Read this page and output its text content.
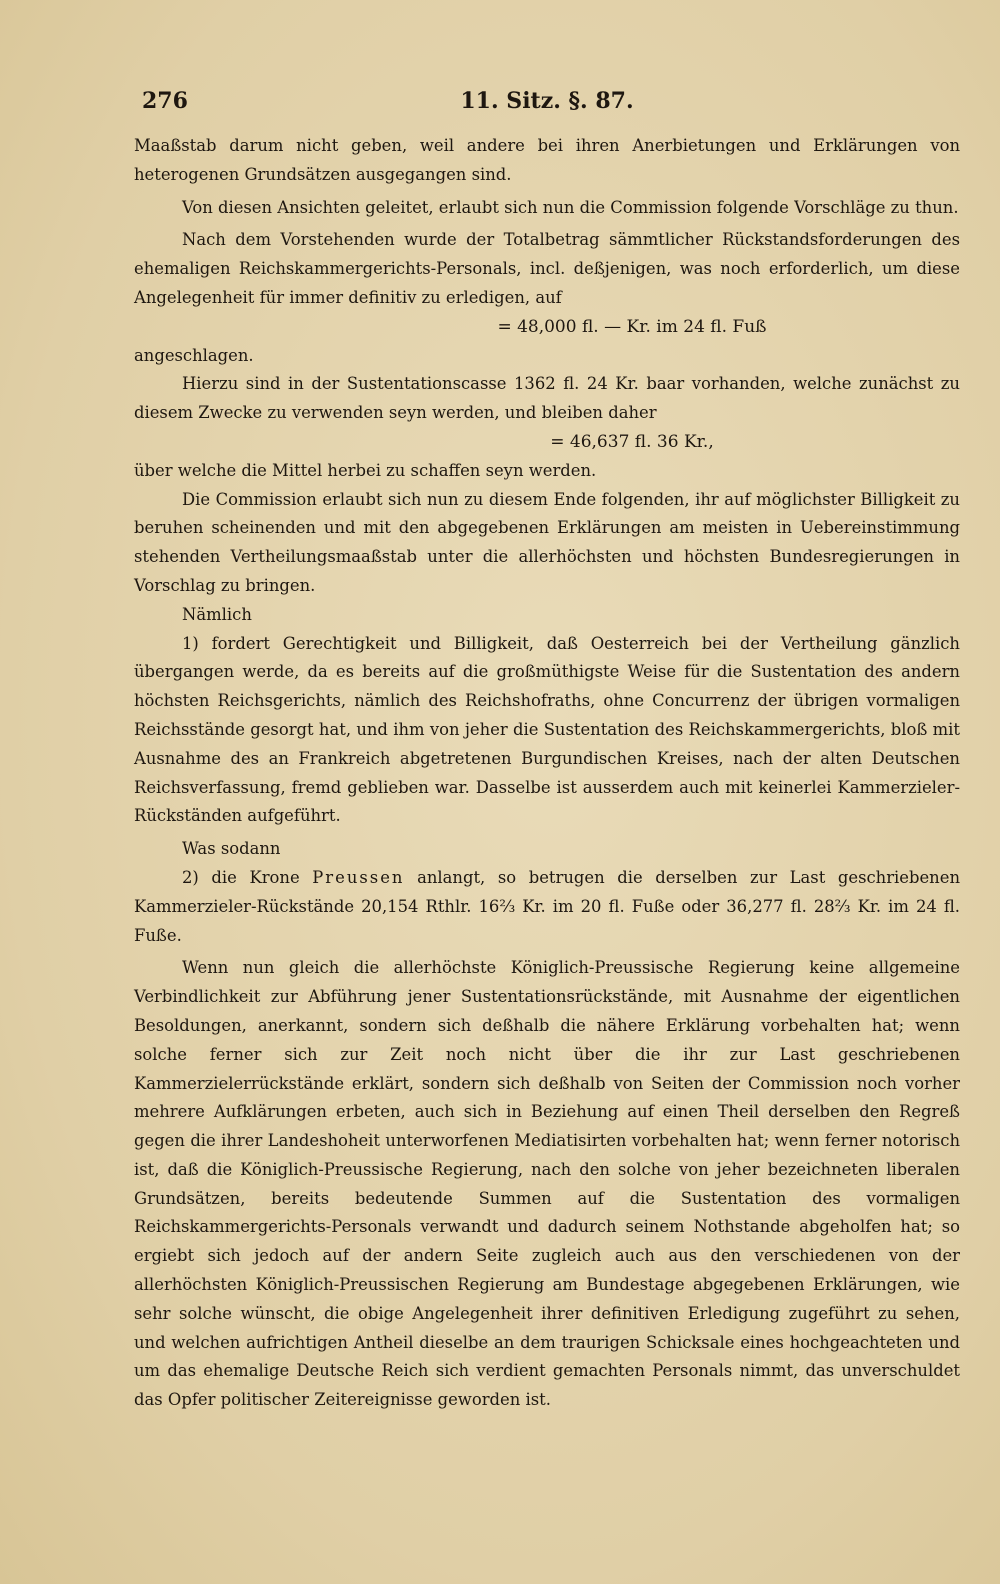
276	11. Sitz. §. 87.

Maaßstab darum nicht geben, weil andere bei ihren Anerbietungen und Erklärungen von heterogenen Grundsätzen ausgegangen sind.

Von diesen Ansichten geleitet, erlaubt sich nun die Commission folgende Vorschläge zu thun.

Nach dem Vorstehenden wurde der Totalbetrag sämmtlicher Rückstandsforderungen des ehemaligen Reichskammergerichts-Personals, incl. deßjenigen, was noch erforderlich, um diese Angelegenheit für immer definitiv zu erledigen, auf

= 48,000 fl. — Kr. im 24 fl. Fuß

angeschlagen.

Hierzu sind in der Sustentationscasse 1362 fl. 24 Kr. baar vorhanden, welche zunächst zu diesem Zwecke zu verwenden seyn werden, und bleiben daher

= 46,637 fl. 36 Kr.,

über welche die Mittel herbei zu schaffen seyn werden.

Die Commission erlaubt sich nun zu diesem Ende folgenden, ihr auf möglichster Billigkeit zu beruhen scheinenden und mit den abgegebenen Erklärungen am meisten in Uebereinstimmung stehenden Vertheilungsmaaßstab unter die allerhöchsten und höchsten Bundesregierungen in Vorschlag zu bringen.

Nämlich

1) fordert Gerechtigkeit und Billigkeit, daß Oesterreich bei der Vertheilung gänzlich übergangen werde, da es bereits auf die großmüthigste Weise für die Sustentation des andern höchsten Reichsgerichts, nämlich des Reichshofraths, ohne Concurrenz der übrigen vormaligen Reichsstände gesorgt hat, und ihm von jeher die Sustentation des Reichskammergerichts, bloß mit Ausnahme des an Frankreich abgetretenen Burgundischen Kreises, nach der alten Deutschen Reichsverfassung, fremd geblieben war. Dasselbe ist ausserdem auch mit keinerlei Kammerzieler-Rückständen aufgeführt.

Was sodann

2) die Krone Preussen anlangt, so betrugen die derselben zur Last geschriebenen Kammerzieler-Rückstände 20,154 Rthlr. 16⅔ Kr. im 20 fl. Fuße oder 36,277 fl. 28⅔ Kr. im 24 fl. Fuße.

Wenn nun gleich die allerhöchste Königlich-Preussische Regierung keine allgemeine Verbindlichkeit zur Abführung jener Sustentationsrückstände, mit Ausnahme der eigentlichen Besoldungen, anerkannt, sondern sich deßhalb die nähere Erklärung vorbehalten hat; wenn solche ferner sich zur Zeit noch nicht über die ihr zur Last geschriebenen Kammerzielerrückstände erklärt, sondern sich deßhalb von Seiten der Commission noch vorher mehrere Aufklärungen erbeten, auch sich in Beziehung auf einen Theil derselben den Regreß gegen die ihrer Landeshoheit unterworfenen Mediatisirten vorbehalten hat; wenn ferner notorisch ist, daß die Königlich-Preussische Regierung, nach den solche von jeher bezeichneten liberalen Grundsätzen, bereits bedeutende Summen auf die Sustentation des vormaligen Reichskammergerichts-Personals verwandt und dadurch seinem Nothstande abgeholfen hat; so ergiebt sich jedoch auf der andern Seite zugleich auch aus den verschiedenen von der allerhöchsten Königlich-Preussischen Regierung am Bundestage abgegebenen Erklärungen, wie sehr solche wünscht, die obige Angelegenheit ihrer definitiven Erledigung zugeführt zu sehen, und welchen aufrichtigen Antheil dieselbe an dem traurigen Schicksale eines hochgeachteten und um das ehemalige Deutsche Reich sich verdient gemachten Personals nimmt, das unverschuldet das Opfer politischer Zeitereignisse geworden ist.
